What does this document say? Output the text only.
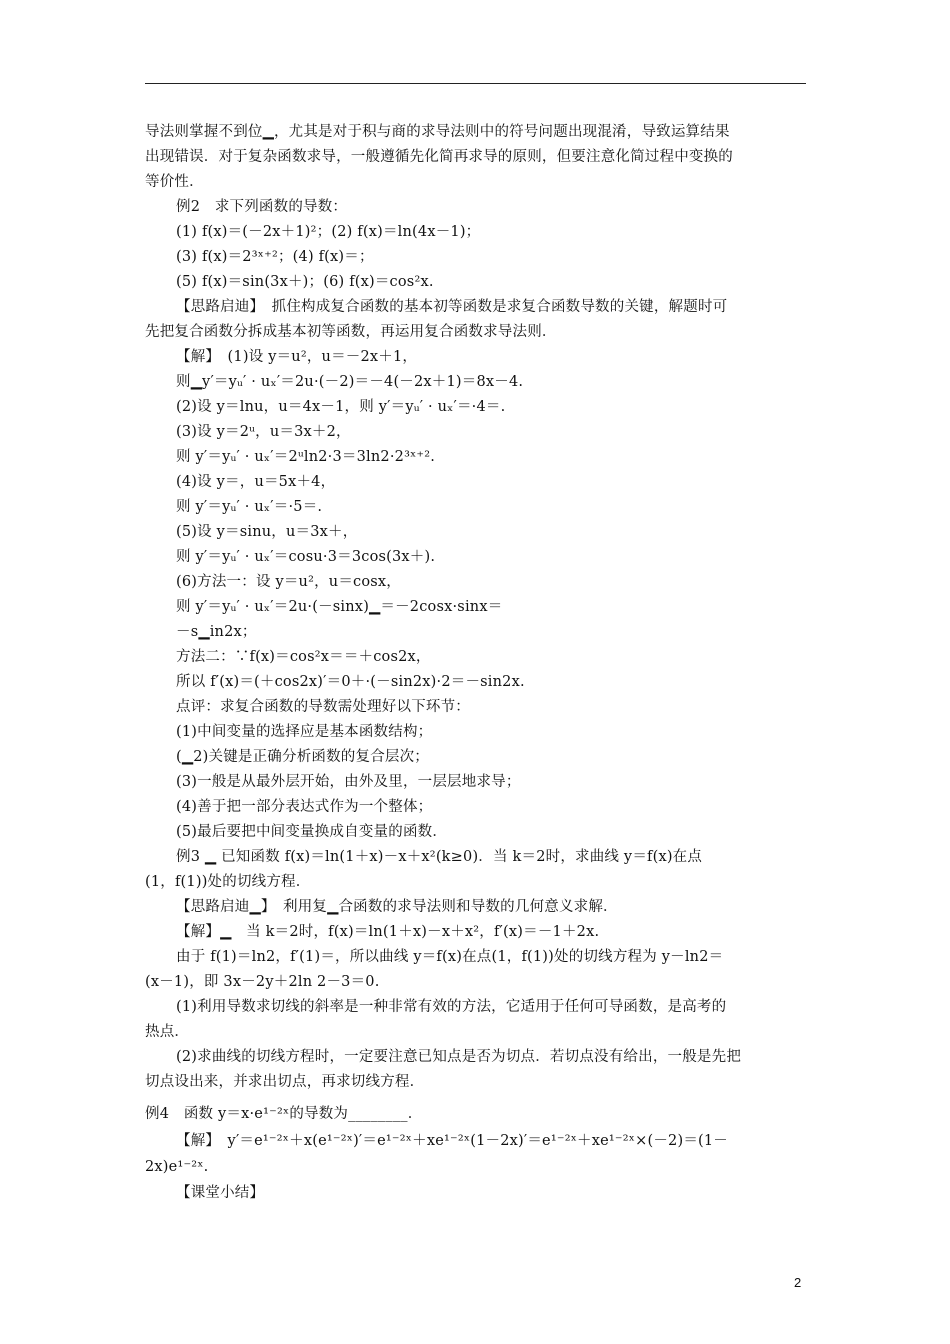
导法则掌握不到位▁，尤其是对于积与商的求导法则中的符号问题出现混淆，导致运算结果
出现错误．对于复杂函数求导，一般遵循先化简再求导的原则，但要注意化简过程中变换的
等价性．
例2　求下列函数的导数：
(1) f(x)＝(－2x＋1)²；(2) f(x)＝ln(4x－1)；
(3) f(x)＝2³ˣ⁺²；(4) f(x)＝；
(5) f(x)＝sin(3x＋)；(6) f(x)＝cos²x.
【思路启迪】　抓住构成复合函数的基本初等函数是求复合函数导数的关键，解题时可
先把复合函数分拆成基本初等函数，再运用复合函数求导法则．
【解】　(1)设 y＝u²，u＝－2x＋1，
则▁y′＝yᵤ′ · uₓ′＝2u·(－2)＝－4(－2x＋1)＝8x－4.
(2)设 y＝lnu，u＝4x－1，则 y′＝yᵤ′ · uₓ′＝·4＝.
(3)设 y＝2ᵘ，u＝3x＋2，
则 y′＝yᵤ′ · uₓ′＝2ᵘln2·3＝3ln2·2³ˣ⁺².
(4)设 y＝，u＝5x＋4，
则 y′＝yᵤ′ · uₓ′＝·5＝.
(5)设 y＝sinu，u＝3x＋，
则 y′＝yᵤ′ · uₓ′＝cosu·3＝3cos(3x＋).
(6)方法一：设 y＝u²，u＝cosx，
则 y′＝yᵤ′ · uₓ′＝2u·(－sinx)▁＝－2cosx·sinx＝
－s▁in2x；
方法二：∵f(x)＝cos²x＝＝＋cos2x，
所以 f′(x)＝(＋cos2x)′＝0＋·(－sin2x)·2＝－sin2x.
点评：求复合函数的导数需处理好以下环节：
(1)中间变量的选择应是基本函数结构；
(▁2)关键是正确分析函数的复合层次；
(3)一般是从最外层开始，由外及里，一层层地求导；
(4)善于把一部分表达式作为一个整体；
(5)最后要把中间变量换成自变量的函数．
例3 ▁ 已知函数 f(x)＝ln(1＋x)－x＋x²(k≥0)．当 k＝2时，求曲线 y＝f(x)在点
(1，f(1))处的切线方程．
【思路启迪▁】　利用复▁合函数的求导法则和导数的几何意义求解．
【解】▁　当 k＝2时，f(x)＝ln(1＋x)－x＋x²，f′(x)＝－1＋2x.
由于 f(1)＝ln2，f′(1)＝，所以曲线 y＝f(x)在点(1，f(1))处的切线方程为 y－ln2＝
(x－1)，即 3x－2y＋2ln 2－3＝0.
(1)利用导数求切线的斜率是一种非常有效的方法，它适用于任何可导函数，是高考的
热点．
(2)求曲线的切线方程时，一定要注意已知点是否为切点．若切点没有给出，一般是先把
切点设出来，并求出切点，再求切线方程．
例4　函数 y＝x·e¹⁻²ˣ的导数为________．
【解】　y′＝e¹⁻²ˣ＋x(e¹⁻²ˣ)′＝e¹⁻²ˣ＋xe¹⁻²ˣ(1－2x)′＝e¹⁻²ˣ＋xe¹⁻²ˣ×(－2)＝(1－
2x)e¹⁻²ˣ.
【课堂小结】
2
